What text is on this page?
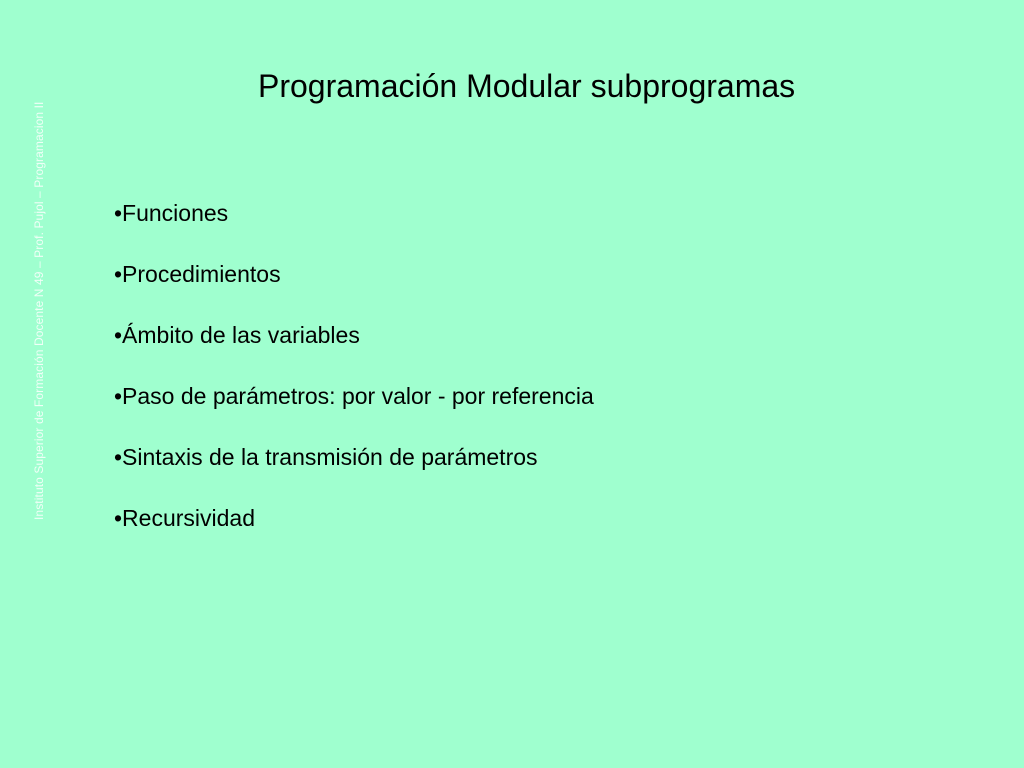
Instituto Superior de Formación Docente N 49 – Prof. Pujol – Programacion II
Programación Modular subprogramas
•Funciones
•Procedimientos
•Ámbito de las variables
•Paso de parámetros: por valor - por referencia
•Sintaxis de la transmisión de parámetros
•Recursividad
